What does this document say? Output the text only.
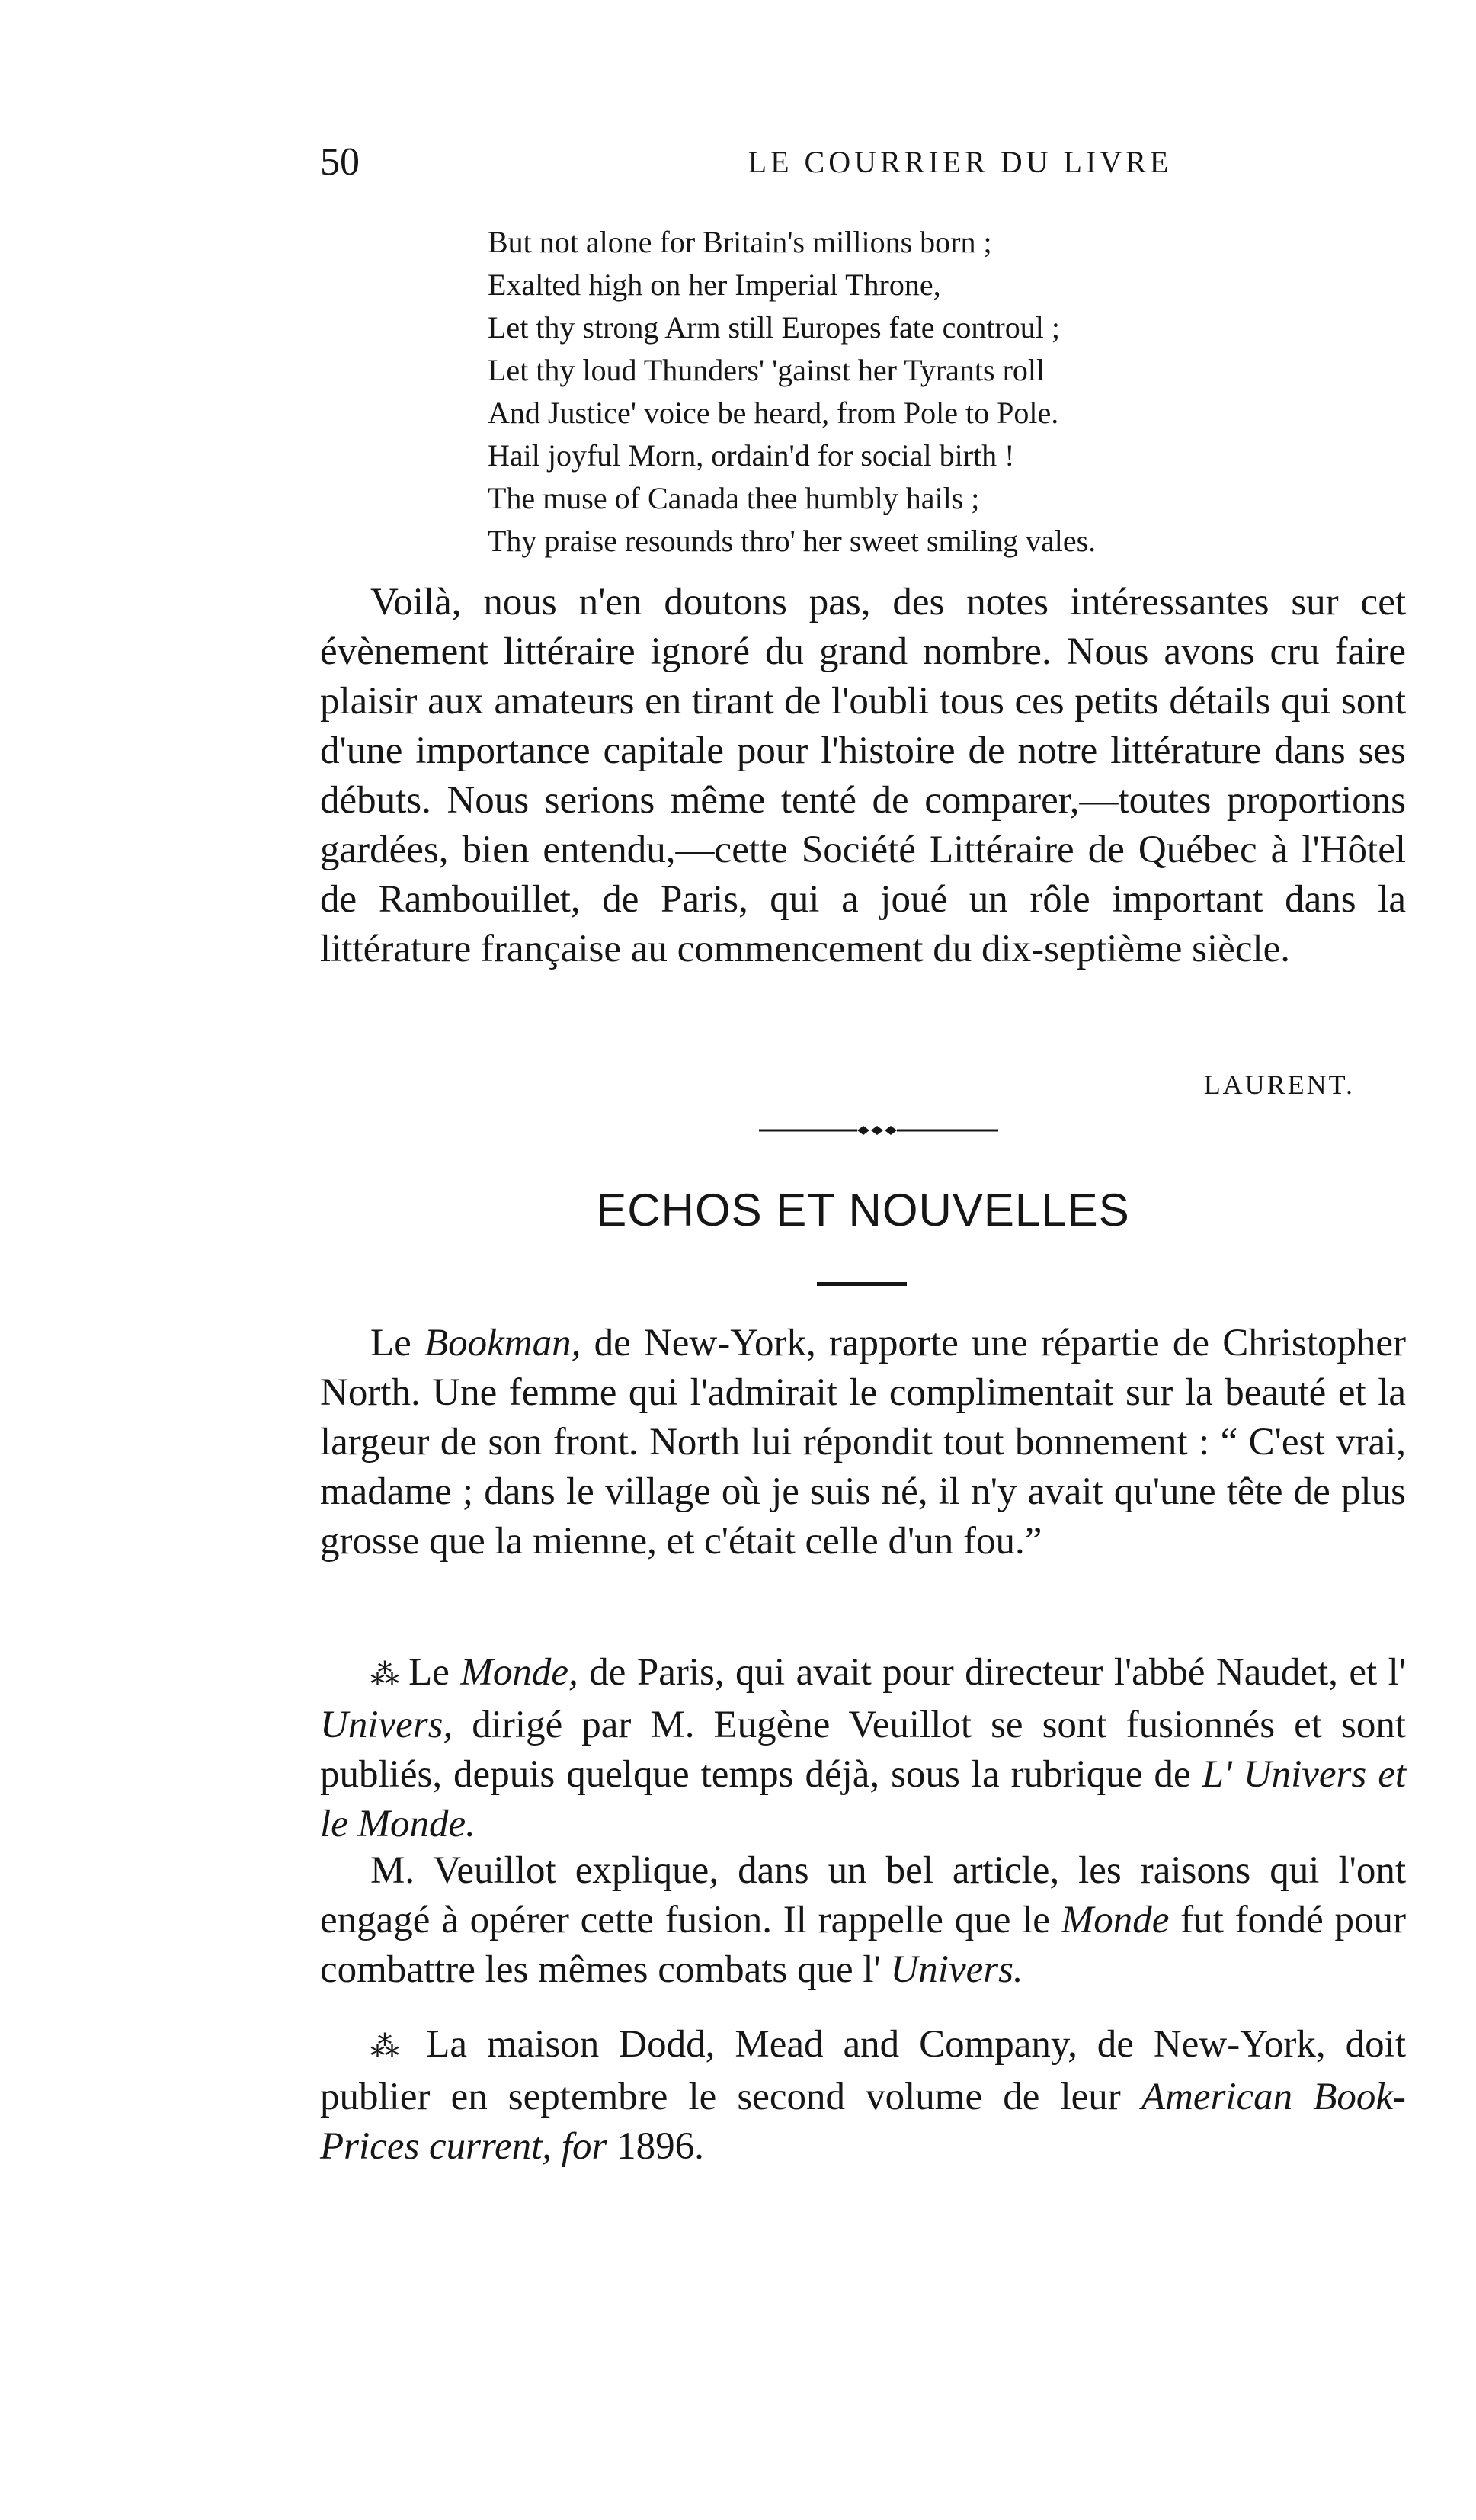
50	LE COURRIER DU LIVRE
But not alone for Britain's millions born ;
Exalted high on her Imperial Throne,
Let thy strong Arm still Europes fate controul ;
Let thy loud Thunders' 'gainst her Tyrants roll
And Justice' voice be heard, from Pole to Pole.
Hail joyful Morn, ordain'd for social birth !
The muse of Canada thee humbly hails ;
Thy praise resounds thro' her sweet smiling vales.

Voilà, nous n'en doutons pas, des notes intéressantes sur cet évènement littéraire ignoré du grand nombre. Nous avons cru faire plaisir aux amateurs en tirant de l'oubli tous ces petits détails qui sont d'une importance capitale pour l'histoire de notre littérature dans ses débuts. Nous serions même tenté de comparer,—toutes proportions gardées, bien entendu,—cette Société Littéraire de Québec à l'Hôtel de Rambouillet, de Paris, qui a joué un rôle important dans la littérature française au commencement du dix-septième siècle.

LAURENT.
ECHOS ET NOUVELLES

Le Bookman, de New-York, rapporte une répartie de Christopher North. Une femme qui l'admirait le complimentait sur la beauté et la largeur de son front. North lui répondit tout bonnement : “ C'est vrai, madame ; dans le village où je suis né, il n'y avait qu'une tête de plus grosse que la mienne, et c'était celle d'un fou.”

⁂ Le Monde, de Paris, qui avait pour directeur l'abbé Naudet, et l' Univers, dirigé par M. Eugène Veuillot se sont fusionnés et sont publiés, depuis quelque temps déjà, sous la rubrique de L' Univers et le Monde.

M. Veuillot explique, dans un bel article, les raisons qui l'ont engagé à opérer cette fusion. Il rappelle que le Monde fut fondé pour combattre les mêmes combats que l' Univers.

⁂ La maison Dodd, Mead and Company, de New-York, doit publier en septembre le second volume de leur American Book-Prices current, for 1896.
